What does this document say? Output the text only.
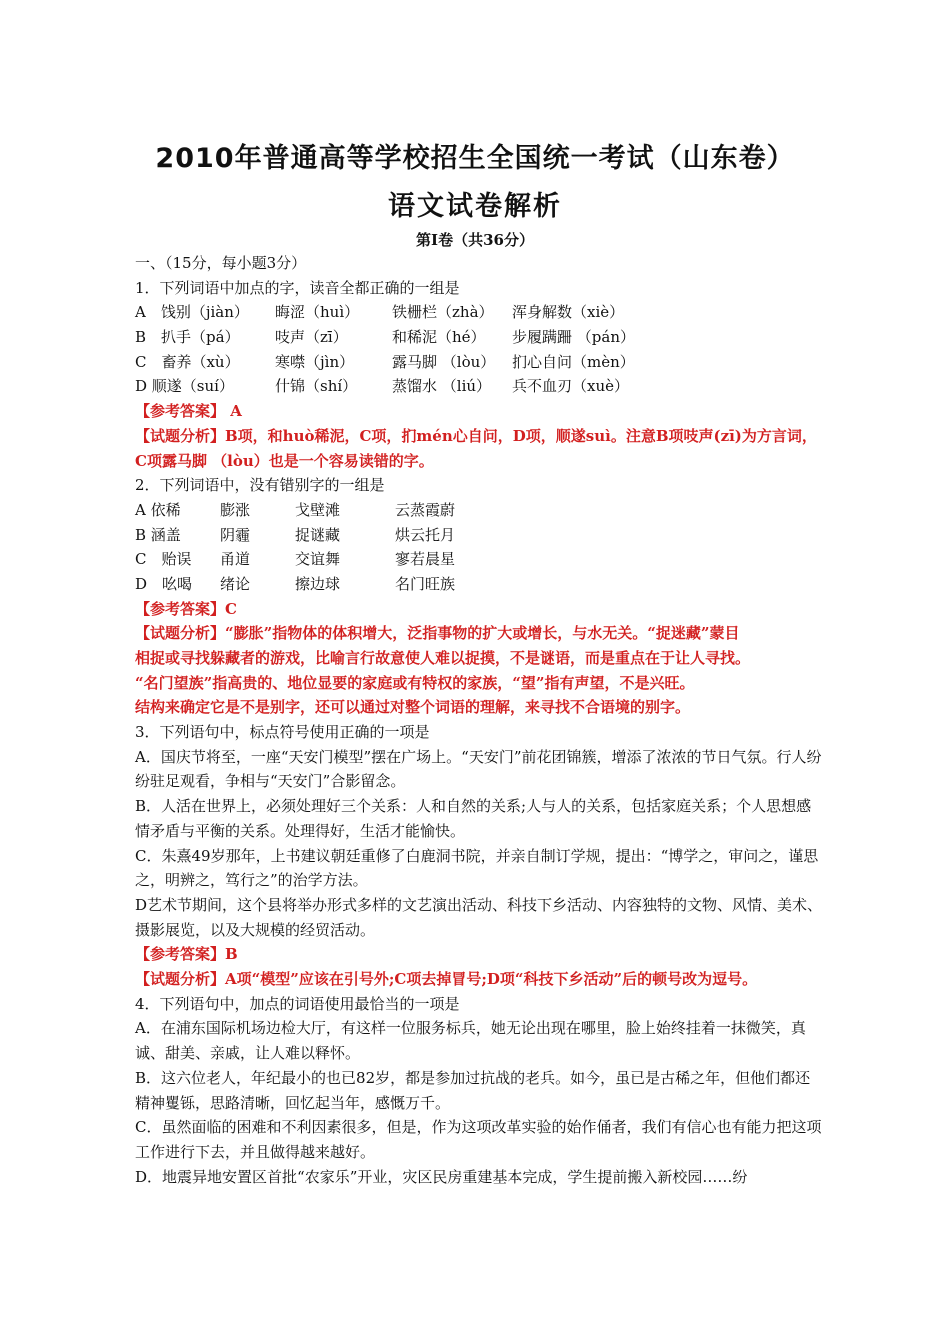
2010年普通高等学校招生全国统一考试（山东卷）
语文试卷解析
第I卷（共36分）
一、（15分，每小题3分）
1．下列词语中加点的字，读音全都正确的一组是
A　饯别（jiàn）	晦涩（huì）	铁栅栏（zhà）	浑身解数（xiè）
B　扒手（pá）	吱声（zī）	和稀泥（hé）	步履蹒跚 （pán）
C　畜养（xù）	寒噤（jìn）	露马脚 （lòu）	扪心自问（mèn）
D 顺遂（suí）	什锦（shí）	蒸馏水 （liú）	兵不血刃（xuè）
【参考答案】 A
【试题分析】B项，和huò稀泥，C项，扪mén心自问，D项，顺遂suì。注意B项吱声(zī)为方言词，C项露马脚 （lòu）也是一个容易读错的字。
2．下列词语中，没有错别字的一组是
A 依稀	膨涨	戈壁滩	云蒸霞蔚
B 涵盖	阴霾	捉谜藏	烘云托月
C　贻误	甬道	交谊舞	寥若晨星
D　吆喝	绪论	擦边球	名门旺族
【参考答案】C
【试题分析】“膨胀”指物体的体积增大，泛指事物的扩大或增长，与水无关。“捉迷藏”蒙目
相捉或寻找躲藏者的游戏，比喻言行故意使人难以捉摸，不是谜语，而是重点在于让人寻找。
“名门望族”指高贵的、地位显要的家庭或有特权的家族，“望”指有声望，不是兴旺。
结构来确定它是不是别字，还可以通过对整个词语的理解，来寻找不合语境的别字。
3．下列语句中，标点符号使用正确的一项是
A．国庆节将至，一座“天安门模型”摆在广场上。“天安门”前花团锦簇，增添了浓浓的节日气氛。行人纷纷驻足观看，争相与“天安门”合影留念。
B．人活在世界上，必须处理好三个关系：人和自然的关系;人与人的关系，包括家庭关系；个人思想感情矛盾与平衡的关系。处理得好，生活才能愉快。
C．朱熹49岁那年，上书建议朝廷重修了白鹿洞书院，并亲自制订学规，提出：“博学之，审问之，谨思之，明辨之，笃行之”的治学方法。
D艺术节期间，这个县将举办形式多样的文艺演出活动、科技下乡活动、内容独特的文物、风情、美术、摄影展览，以及大规模的经贸活动。
【参考答案】B
【试题分析】A项“模型”应该在引号外;C项去掉冒号;D项“科技下乡活动”后的顿号改为逗号。
4．下列语句中，加点的词语使用最恰当的一项是
A．在浦东国际机场边检大厅，有这样一位服务标兵，她无论出现在哪里，脸上始终挂着一抹微笑，真诚、甜美、亲戚，让人难以释怀。
B．这六位老人，年纪最小的也已82岁，都是参加过抗战的老兵。如今，虽已是古稀之年，但他们都还精神矍铄，思路清晰，回忆起当年，感慨万千。
C．虽然面临的困难和不利因素很多，但是，作为这项改革实验的始作俑者，我们有信心也有能力把这项工作进行下去，并且做得越来越好。
D．地震异地安置区首批“农家乐”开业，灾区民房重建基本完成，学生提前搬入新校园……纷
